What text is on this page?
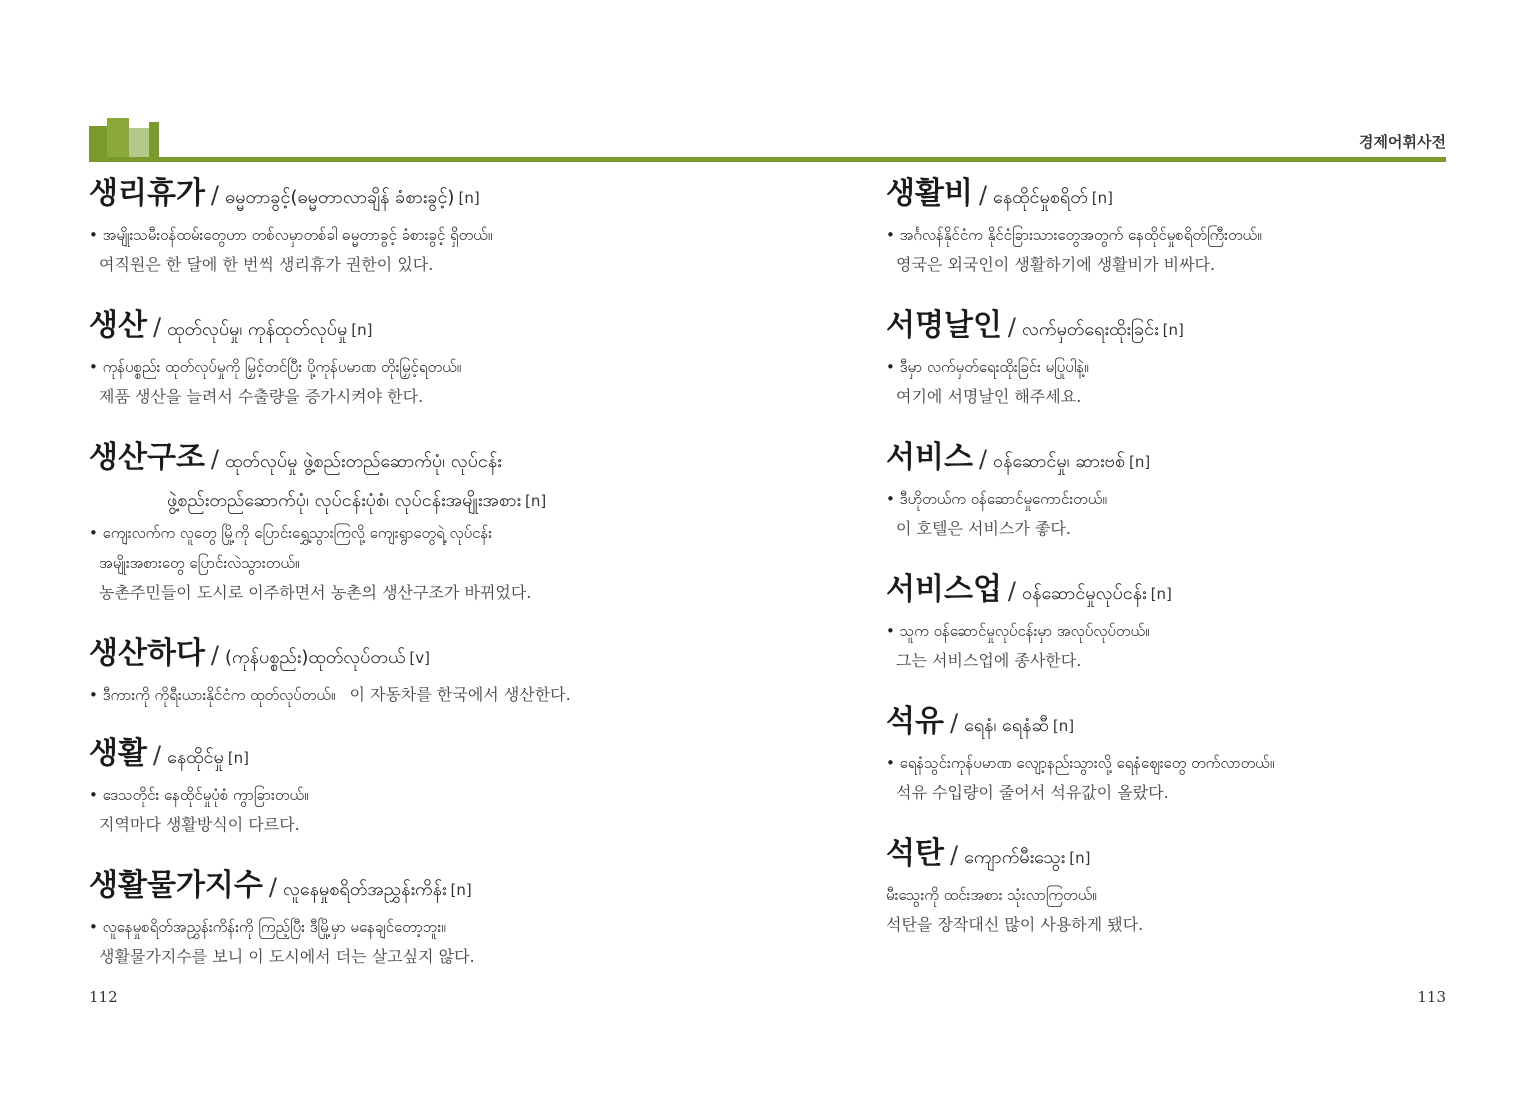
경제어휘사전
생리휴가 / ဓမ္မတာခွင့်(ဓမ္မတာလာချိန် ခံစားခွင့်) [n]
• အမျိုးသမီးဝန်ထမ်းတွေဟာ တစ်လမှာတစ်ခါ ဓမ္မတာခွင့် ခံစားခွင့် ရှိတယ်။
여직원은 한 달에 한 번씩 생리휴가 권한이 있다.
생산 / ထုတ်လုပ်မှု၊ ကုန်ထုတ်လုပ်မှု [n]
• ကုန်ပစ္စည်း ထုတ်လုပ်မှုကို မြှင့်တင်ပြီး ပို့ကုန်ပမာဏ တိုးမြှင့်ရတယ်။
제품 생산을 늘려서 수출량을 증가시켜야 한다.
생산구조 / ထုတ်လုပ်မှု ဖွဲ့စည်းတည်ဆောက်ပုံ၊ လုပ်ငန်း
ဖွဲ့စည်းတည်ဆောက်ပုံ၊ လုပ်ငန်းပုံစံ၊ လုပ်ငန်းအမျိုးအစား [n]
• ကျေးလက်က လူတွေ မြို့ကို ပြောင်းရွှေ့သွားကြလို့ ကျေးရွာတွေရဲ့ လုပ်ငန်း
အမျိုးအစားတွေ ပြောင်းလဲသွားတယ်။
농촌주민들이 도시로 이주하면서 농촌의 생산구조가 바뀌었다.
생산하다 / (ကုန်ပစ္စည်း)ထုတ်လုပ်တယ် [v]
• ဒီကားကို ကိုရီးယားနိုင်ငံက ထုတ်လုပ်တယ်။ 이 자동차를 한국에서 생산한다.
생활 / နေထိုင်မှု [n]
• ဒေသတိုင်း နေထိုင်မှုပုံစံ ကွာခြားတယ်။
지역마다 생활방식이 다르다.
생활물가지수 / လူနေမှုစရိတ်အညွှန်းကိန်း [n]
• လူနေမှုစရိတ်အညွှန်းကိန်းကို ကြည့်ပြီး ဒီမြို့မှာ မနေချင်တော့ဘူး။
생활물가지수를 보니 이 도시에서 더는 살고싶지 않다.
생활비 / နေထိုင်မှုစရိတ် [n]
• အင်္ဂလန်နိုင်ငံက နိုင်ငံခြားသားတွေအတွက် နေထိုင်မှုစရိတ်ကြီးတယ်။
영국은 외국인이 생활하기에 생활비가 비싸다.
서명날인 / လက်မှတ်ရေးထိုးခြင်း [n]
• ဒီမှာ လက်မှတ်ရေးထိုးခြင်း မပြုပါနဲ့။
여기에 서명날인 해주세요.
서비스 / ဝန်ဆောင်မှု၊ ဆားဗစ် [n]
• ဒီဟိုတယ်က ဝန်ဆောင်မှုကောင်းတယ်။
이 호텔은 서비스가 좋다.
서비스업 / ဝန်ဆောင်မှုလုပ်ငန်း [n]
• သူက ဝန်ဆောင်မှုလုပ်ငန်းမှာ အလုပ်လုပ်တယ်။
그는 서비스업에 종사한다.
석유 / ရေနံ၊ ရေနံဆီ [n]
• ရေနံသွင်းကုန်ပမာဏ လျော့နည်းသွားလို့ ရေနံဈေးတွေ တက်လာတယ်။
석유 수입량이 줄어서 석유값이 올랐다.
석탄 / ကျောက်မီးသွေး [n]
မီးသွေးကို ထင်းအစား သုံးလာကြတယ်။
석탄을 장작대신 많이 사용하게 됐다.
112	113
